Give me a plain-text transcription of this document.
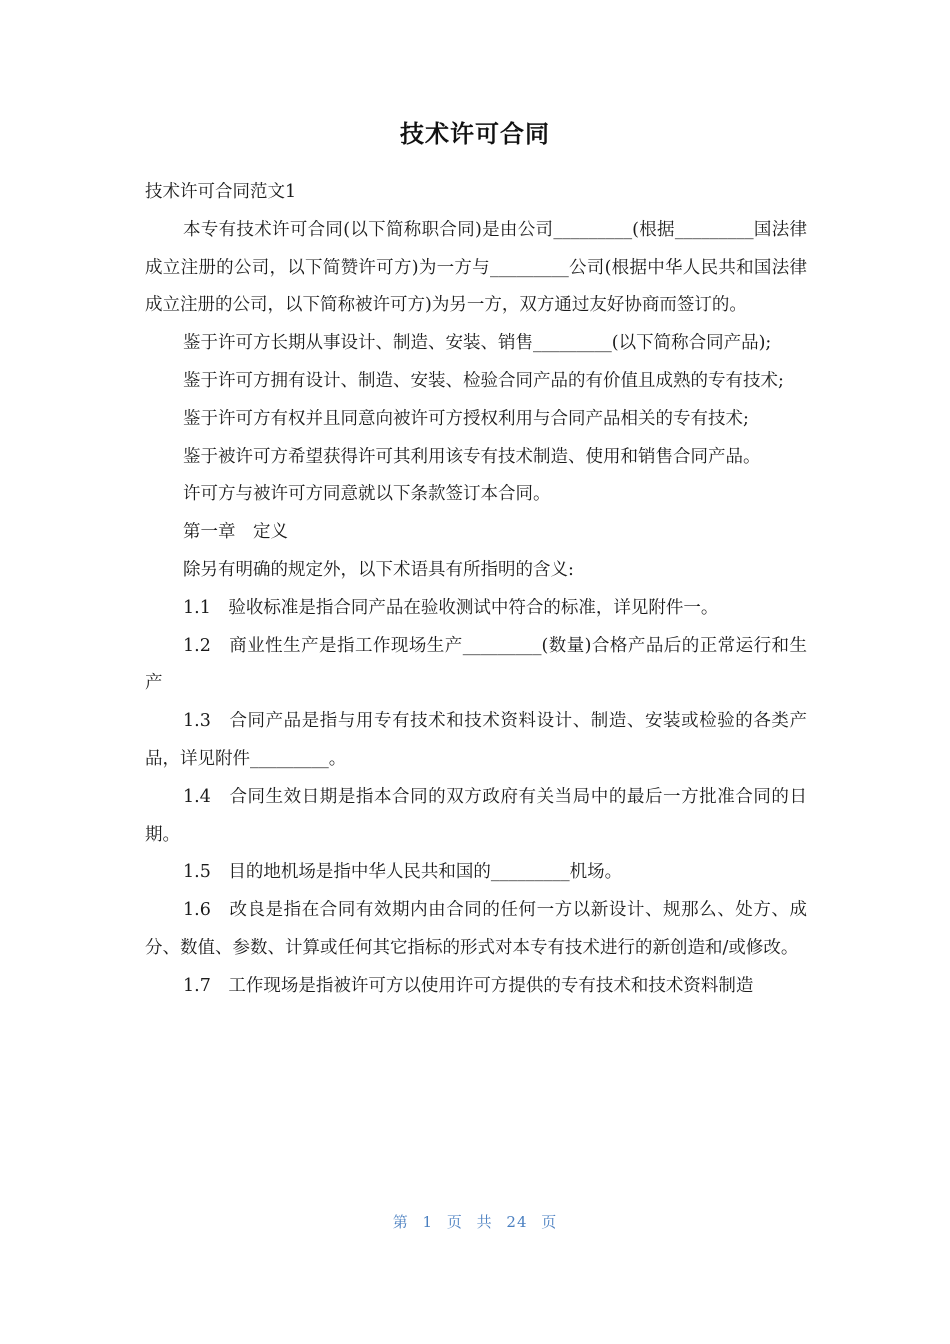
技术许可合同

技术许可合同范文1

本专有技术许可合同(以下简称职合同)是由公司_________(根据_________国法律成立注册的公司，以下简赞许可方)为一方与_________公司(根据中华人民共和国法律成立注册的公司，以下简称被许可方)为另一方，双方通过友好协商而签订的。

鉴于许可方长期从事设计、制造、安装、销售_________(以下简称合同产品);

鉴于许可方拥有设计、制造、安装、检验合同产品的有价值且成熟的专有技术;

鉴于许可方有权并且同意向被许可方授权利用与合同产品相关的专有技术;

鉴于被许可方希望获得许可其利用该专有技术制造、使用和销售合同产品。

许可方与被许可方同意就以下条款签订本合同。

第一章　定义

除另有明确的规定外，以下术语具有所指明的含义:

1.1　验收标准是指合同产品在验收测试中符合的标准，详见附件一。

1.2　商业性生产是指工作现场生产_________(数量)合格产品后的正常运行和生产

1.3　合同产品是指与用专有技术和技术资料设计、制造、安装或检验的各类产品，详见附件_________。

1.4　合同生效日期是指本合同的双方政府有关当局中的最后一方批准合同的日期。

1.5　目的地机场是指中华人民共和国的_________机场。

1.6　改良是指在合同有效期内由合同的任何一方以新设计、规那么、处方、成分、数值、参数、计算或任何其它指标的形式对本专有技术进行的新创造和/或修改。

1.7　工作现场是指被许可方以使用许可方提供的专有技术和技术资料制造

第 1 页 共 24 页
